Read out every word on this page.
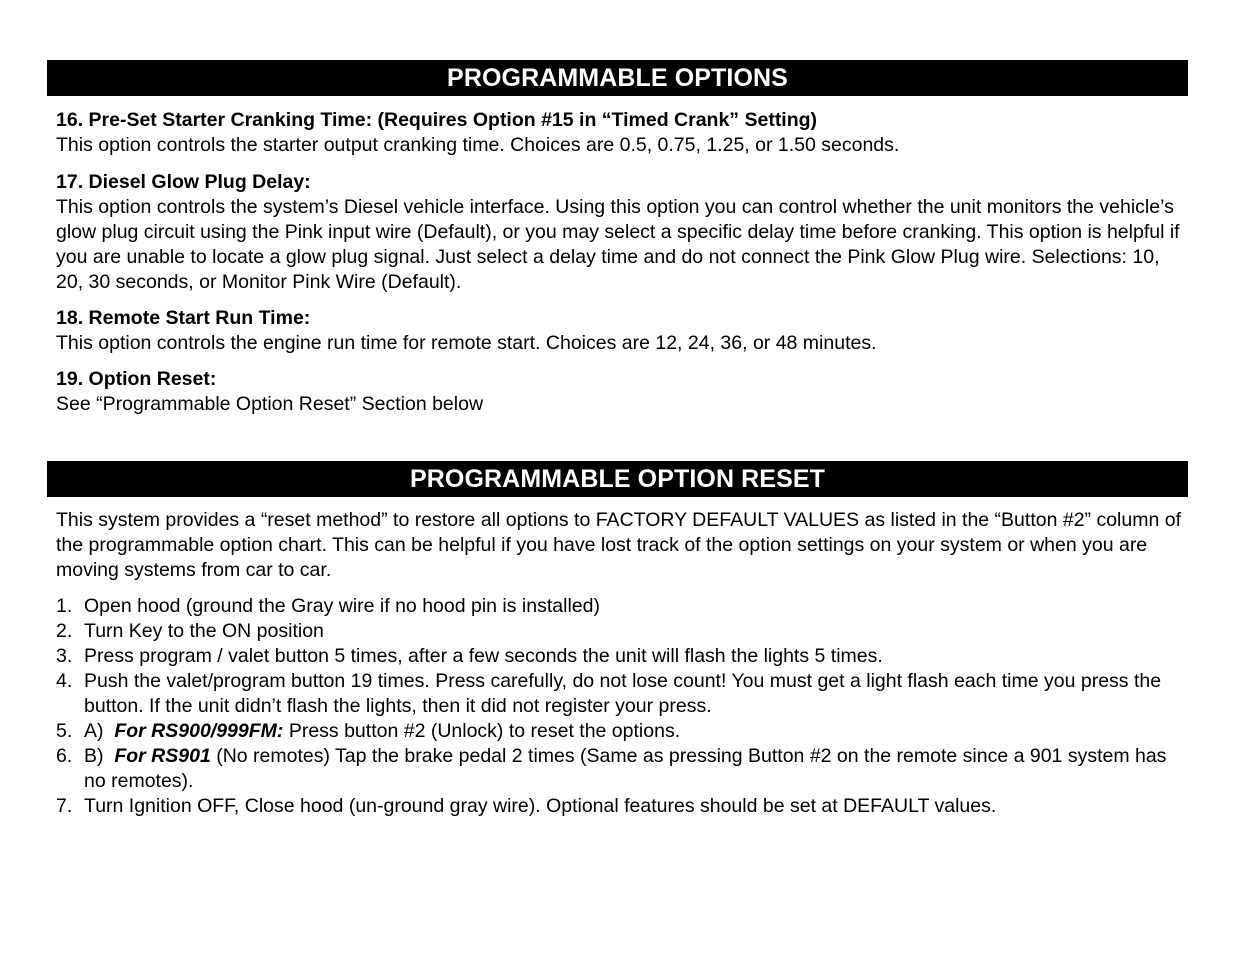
PROGRAMMABLE OPTIONS
16. Pre-Set Starter Cranking Time: (Requires Option #15 in “Timed Crank” Setting)
This option controls the starter output cranking time. Choices are 0.5, 0.75, 1.25, or 1.50 seconds.
17. Diesel Glow Plug Delay:
This option controls the system’s Diesel vehicle interface. Using this option you can control whether the unit monitors the vehicle’s glow plug circuit using the Pink input wire (Default), or you may select a specific delay time before cranking. This option is helpful if you are unable to locate a glow plug signal. Just select a delay time and do not connect the Pink Glow Plug wire. Selections: 10, 20, 30 seconds, or Monitor Pink Wire (Default).
18. Remote Start Run Time:
This option controls the engine run time for remote start. Choices are 12, 24, 36, or 48 minutes.
19. Option Reset:
See “Programmable Option Reset” Section below
PROGRAMMABLE OPTION RESET
This system provides a “reset method” to restore all options to FACTORY DEFAULT VALUES as listed in the “Button #2” column of the programmable option chart. This can be helpful if you have lost track of the option settings on your system or when you are moving systems from car to car.
1. Open hood (ground the Gray wire if no hood pin is installed)
2. Turn Key to the ON position
3. Press program / valet button 5 times, after a few seconds the unit will flash the lights 5 times.
4. Push the valet/program button 19 times. Press carefully, do not lose count! You must get a light flash each time you press the button. If the unit didn’t flash the lights, then it did not register your press.
5. A)  For RS900/999FM: Press button #2 (Unlock) to reset the options.
6. B)  For RS901 (No remotes) Tap the brake pedal 2 times (Same as pressing Button #2 on the remote since a 901 system has no remotes).
7. Turn Ignition OFF, Close hood (un-ground gray wire). Optional features should be set at DEFAULT values.
